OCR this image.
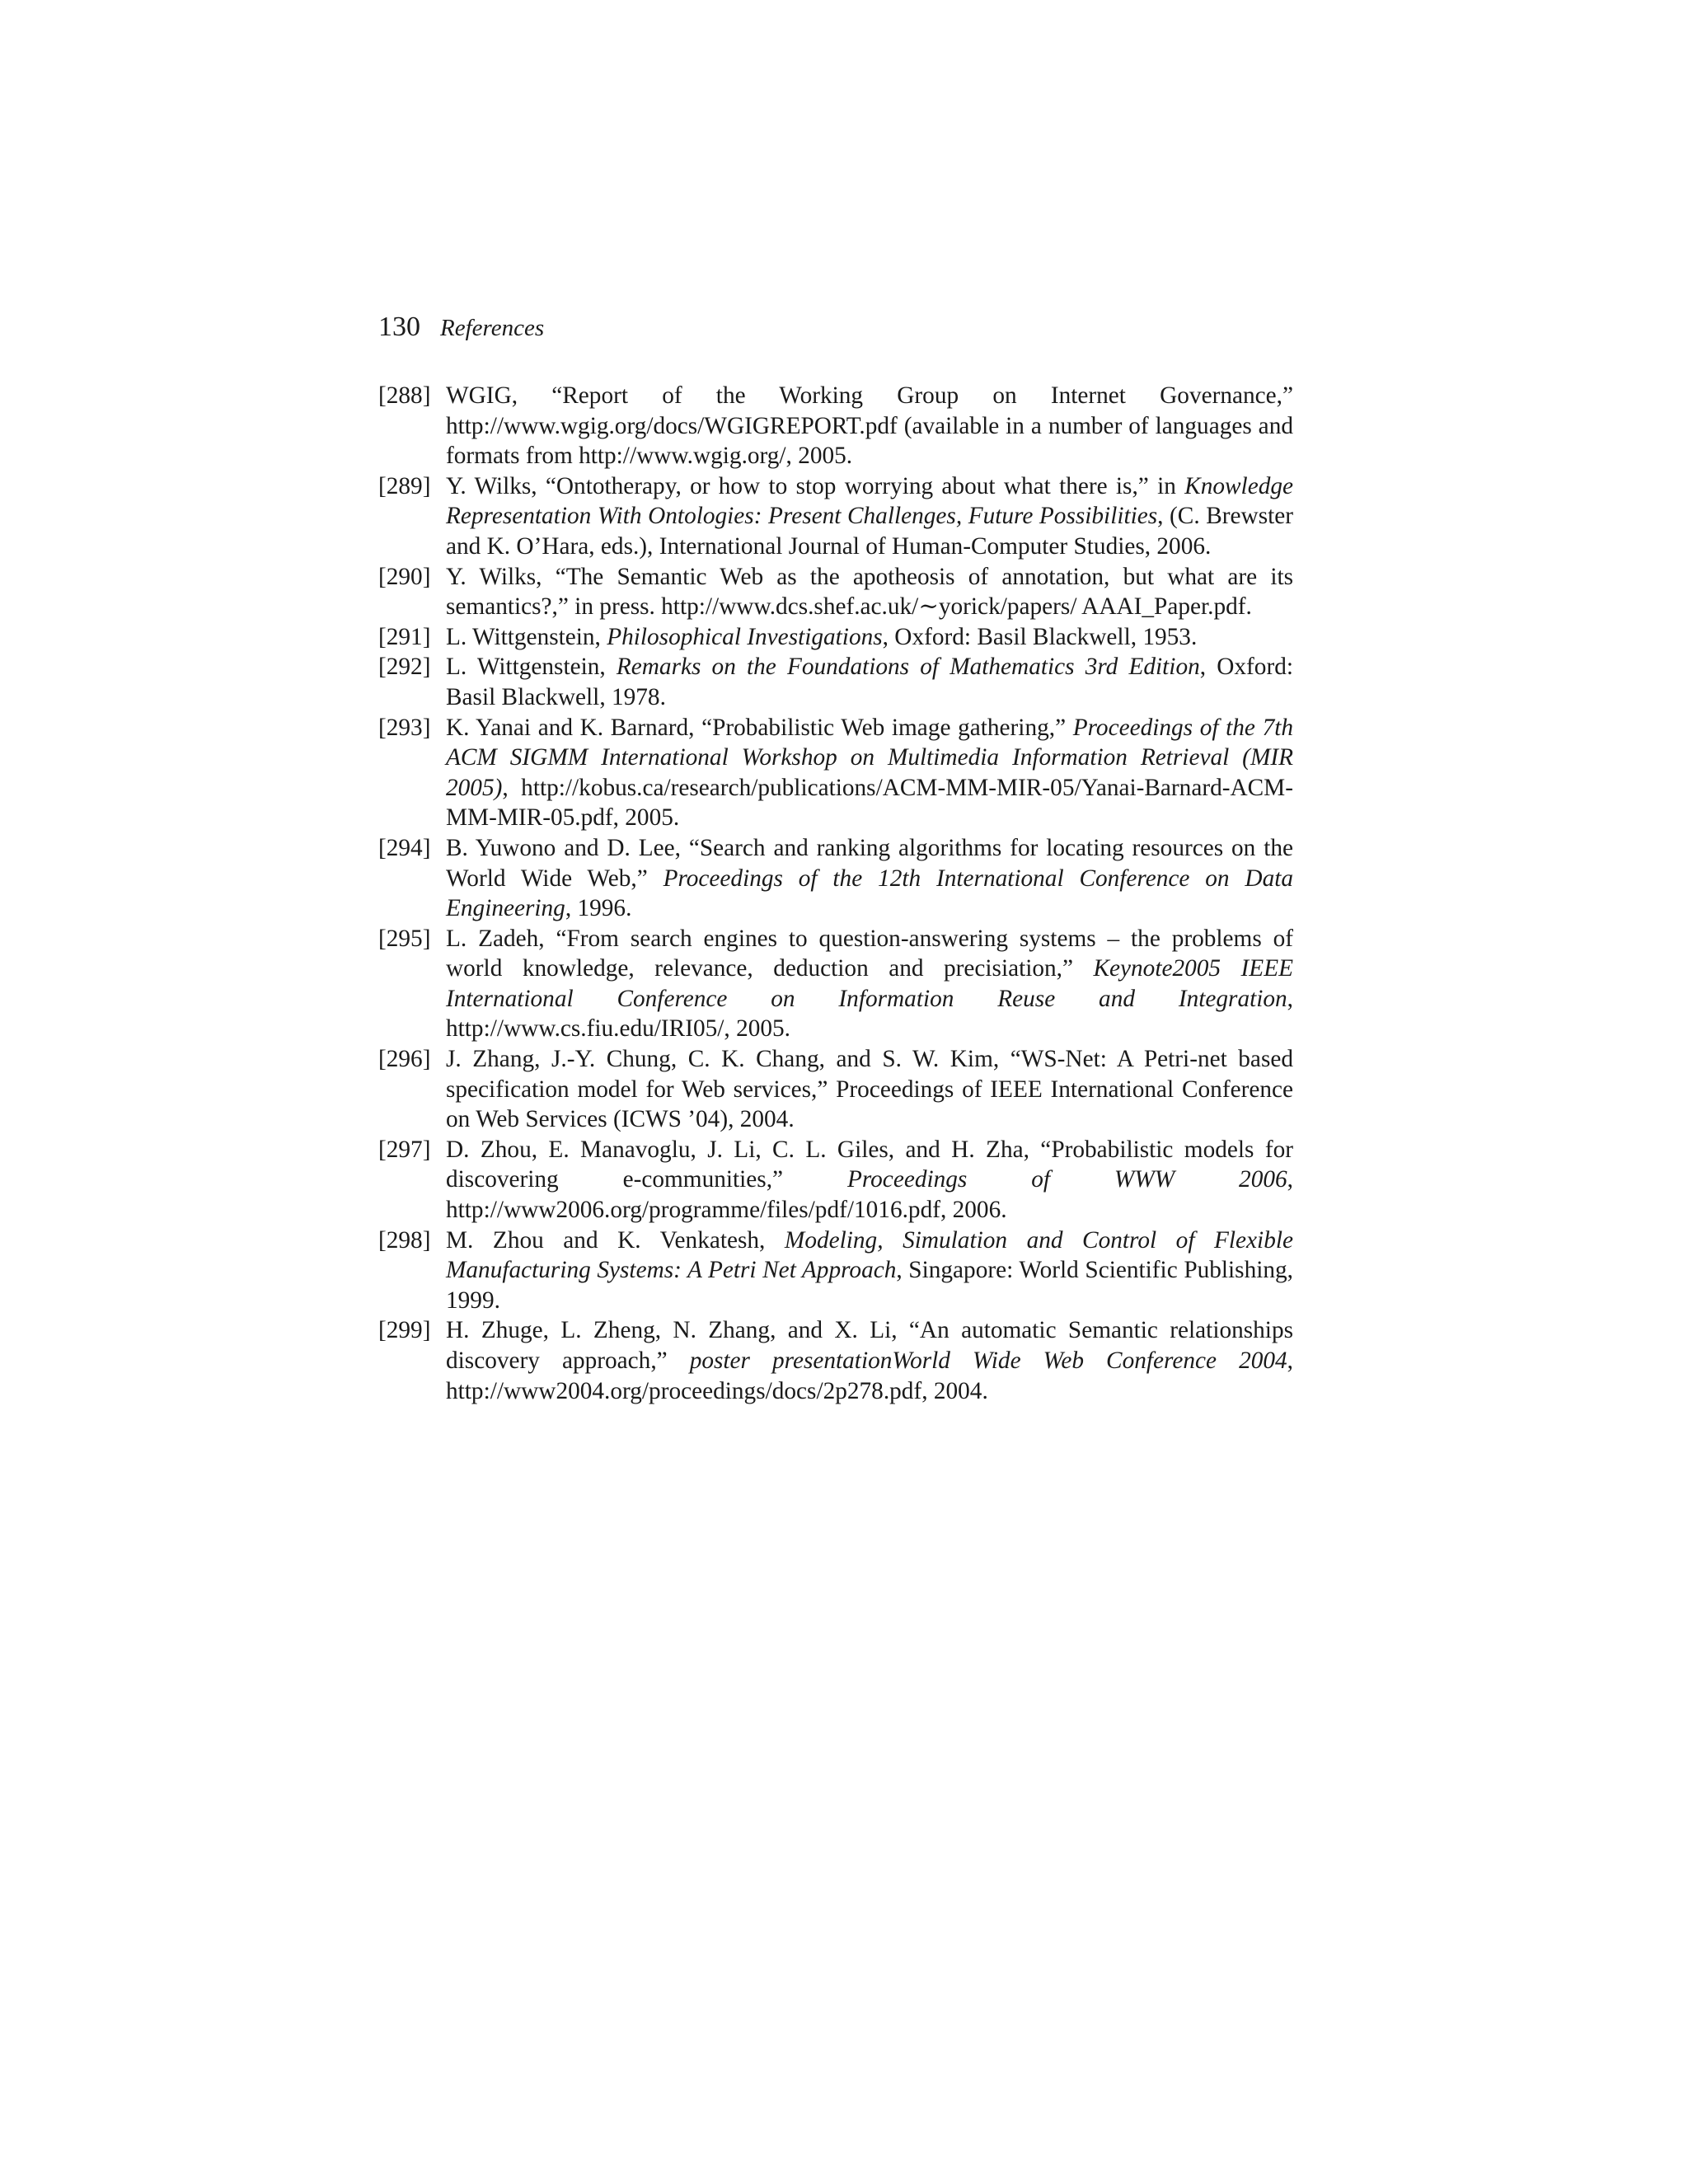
130 References
[288] WGIG, “Report of the Working Group on Internet Governance,” http://www.wgig.org/docs/WGIGREPORT.pdf (available in a number of languages and formats from http://www.wgig.org/, 2005.
[289] Y. Wilks, “Ontotherapy, or how to stop worrying about what there is,” in Knowledge Representation With Ontologies: Present Challenges, Future Possibilities, (C. Brewster and K. O’Hara, eds.), International Journal of Human-Computer Studies, 2006.
[290] Y. Wilks, “The Semantic Web as the apotheosis of annotation, but what are its semantics?,” in press. http://www.dcs.shef.ac.uk/∼yorick/papers/ AAAI_Paper.pdf.
[291] L. Wittgenstein, Philosophical Investigations, Oxford: Basil Blackwell, 1953.
[292] L. Wittgenstein, Remarks on the Foundations of Mathematics 3rd Edition, Oxford: Basil Blackwell, 1978.
[293] K. Yanai and K. Barnard, “Probabilistic Web image gathering,” Proceedings of the 7th ACM SIGMM International Workshop on Multimedia Information Retrieval (MIR 2005), http://kobus.ca/research/publications/ACM-MM-MIR-05/Yanai-Barnard-ACM-MM-MIR-05.pdf, 2005.
[294] B. Yuwono and D. Lee, “Search and ranking algorithms for locating resources on the World Wide Web,” Proceedings of the 12th International Conference on Data Engineering, 1996.
[295] L. Zadeh, “From search engines to question-answering systems – the problems of world knowledge, relevance, deduction and precisiation,” Keynote2005 IEEE International Conference on Information Reuse and Integration, http://www.cs.fiu.edu/IRI05/, 2005.
[296] J. Zhang, J.-Y. Chung, C. K. Chang, and S. W. Kim, “WS-Net: A Petri-net based specification model for Web services,” Proceedings of IEEE International Conference on Web Services (ICWS ’04), 2004.
[297] D. Zhou, E. Manavoglu, J. Li, C. L. Giles, and H. Zha, “Probabilistic models for discovering e-communities,” Proceedings of WWW 2006, http://www2006.org/programme/files/pdf/1016.pdf, 2006.
[298] M. Zhou and K. Venkatesh, Modeling, Simulation and Control of Flexible Manufacturing Systems: A Petri Net Approach, Singapore: World Scientific Publishing, 1999.
[299] H. Zhuge, L. Zheng, N. Zhang, and X. Li, “An automatic Semantic relationships discovery approach,” poster presentationWorld Wide Web Conference 2004, http://www2004.org/proceedings/docs/2p278.pdf, 2004.
